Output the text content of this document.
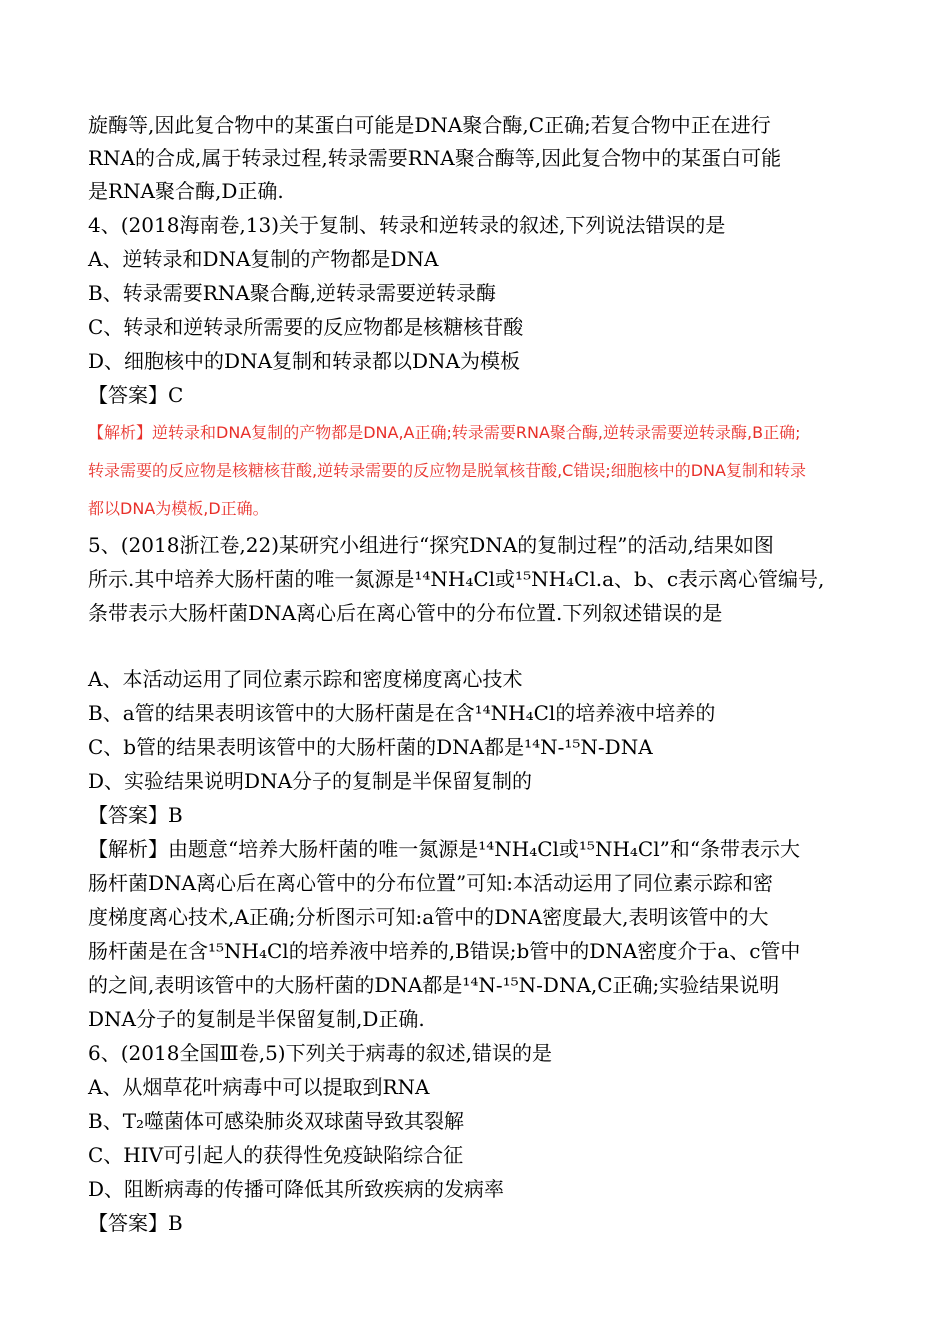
旋酶等,因此复合物中的某蛋白可能是DNA聚合酶,C正确;若复合物中正在进行
RNA的合成,属于转录过程,转录需要RNA聚合酶等,因此复合物中的某蛋白可能
是RNA聚合酶,D正确.
4、(2018海南卷,13)关于复制、转录和逆转录的叙述,下列说法错误的是
A、逆转录和DNA复制的产物都是DNA
B、转录需要RNA聚合酶,逆转录需要逆转录酶
C、转录和逆转录所需要的反应物都是核糖核苷酸
D、细胞核中的DNA复制和转录都以DNA为模板
【答案】C
【解析】逆转录和DNA复制的产物都是DNA,A正确;转录需要RNA聚合酶,逆转录需要逆转录酶,B正确;
转录需要的反应物是核糖核苷酸,逆转录需要的反应物是脱氧核苷酸,C错误;细胞核中的DNA复制和转录
都以DNA为模板,D正确。
5、(2018浙江卷,22)某研究小组进行“探究DNA的复制过程”的活动,结果如图
所示.其中培养大肠杆菌的唯一氮源是¹⁴NH₄Cl或¹⁵NH₄Cl.a、b、c表示离心管编号,
条带表示大肠杆菌DNA离心后在离心管中的分布位置.下列叙述错误的是
A、本活动运用了同位素示踪和密度梯度离心技术
B、a管的结果表明该管中的大肠杆菌是在含¹⁴NH₄Cl的培养液中培养的
C、b管的结果表明该管中的大肠杆菌的DNA都是¹⁴N-¹⁵N-DNA
D、实验结果说明DNA分子的复制是半保留复制的
【答案】B
【解析】由题意“培养大肠杆菌的唯一氮源是¹⁴NH₄Cl或¹⁵NH₄Cl”和“条带表示大
肠杆菌DNA离心后在离心管中的分布位置”可知:本活动运用了同位素示踪和密
度梯度离心技术,A正确;分析图示可知:a管中的DNA密度最大,表明该管中的大
肠杆菌是在含¹⁵NH₄Cl的培养液中培养的,B错误;b管中的DNA密度介于a、c管中
的之间,表明该管中的大肠杆菌的DNA都是¹⁴N-¹⁵N-DNA,C正确;实验结果说明
DNA分子的复制是半保留复制,D正确.
6、(2018全国Ⅲ卷,5)下列关于病毒的叙述,错误的是
A、从烟草花叶病毒中可以提取到RNA
B、T₂噬菌体可感染肺炎双球菌导致其裂解
C、HIV可引起人的获得性免疫缺陷综合征
D、阻断病毒的传播可降低其所致疾病的发病率
【答案】B
